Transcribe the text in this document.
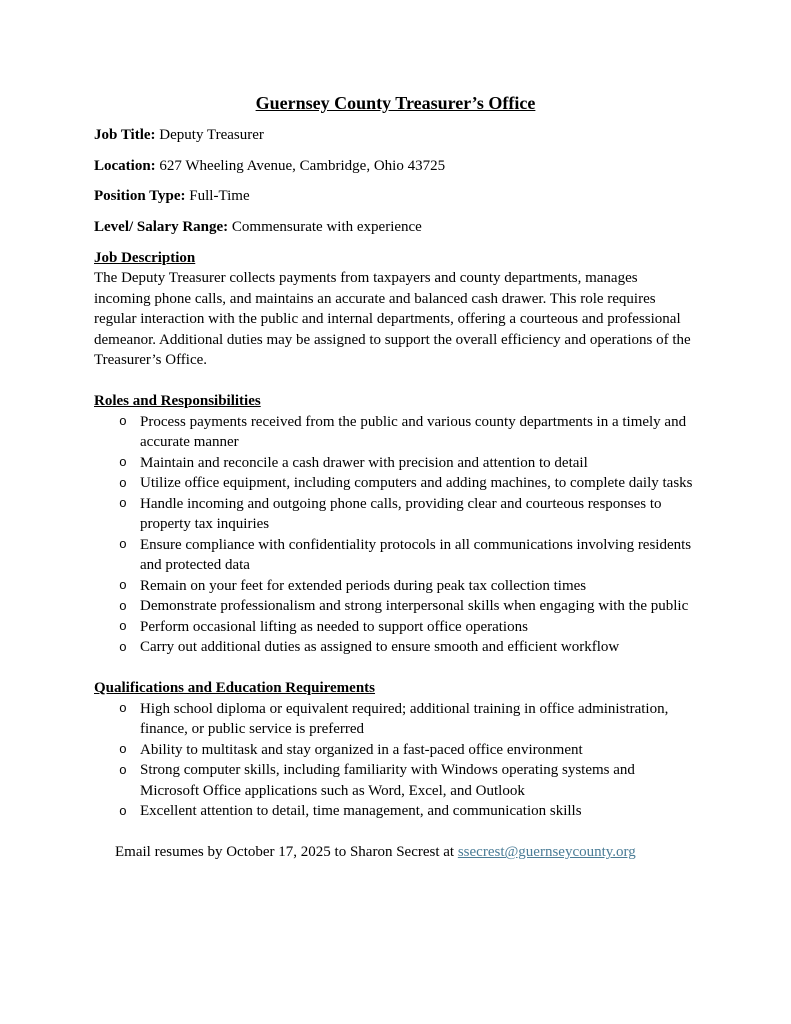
Guernsey County Treasurer’s Office

Job Title: Deputy Treasurer

Location: 627 Wheeling Avenue, Cambridge, Ohio 43725

Position Type: Full-Time

Level/ Salary Range: Commensurate with experience

Job Description

The Deputy Treasurer collects payments from taxpayers and county departments, manages incoming phone calls, and maintains an accurate and balanced cash drawer. This role requires regular interaction with the public and internal departments, offering a courteous and professional demeanor. Additional duties may be assigned to support the overall efficiency and operations of the Treasurer’s Office.

Roles and Responsibilities
o Process payments received from the public and various county departments in a timely and accurate manner
o Maintain and reconcile a cash drawer with precision and attention to detail
o Utilize office equipment, including computers and adding machines, to complete daily tasks
o Handle incoming and outgoing phone calls, providing clear and courteous responses to property tax inquiries
o Ensure compliance with confidentiality protocols in all communications involving residents and protected data
o Remain on your feet for extended periods during peak tax collection times
o Demonstrate professionalism and strong interpersonal skills when engaging with the public
o Perform occasional lifting as needed to support office operations
o Carry out additional duties as assigned to ensure smooth and efficient workflow
Qualifications and Education Requirements
o High school diploma or equivalent required; additional training in office administration, finance, or public service is preferred
o Ability to multitask and stay organized in a fast-paced office environment
o Strong computer skills, including familiarity with Windows operating systems and Microsoft Office applications such as Word, Excel, and Outlook
o Excellent attention to detail, time management, and communication skills

Email resumes by October 17, 2025 to Sharon Secrest at ssecrest@guernseycounty.org
